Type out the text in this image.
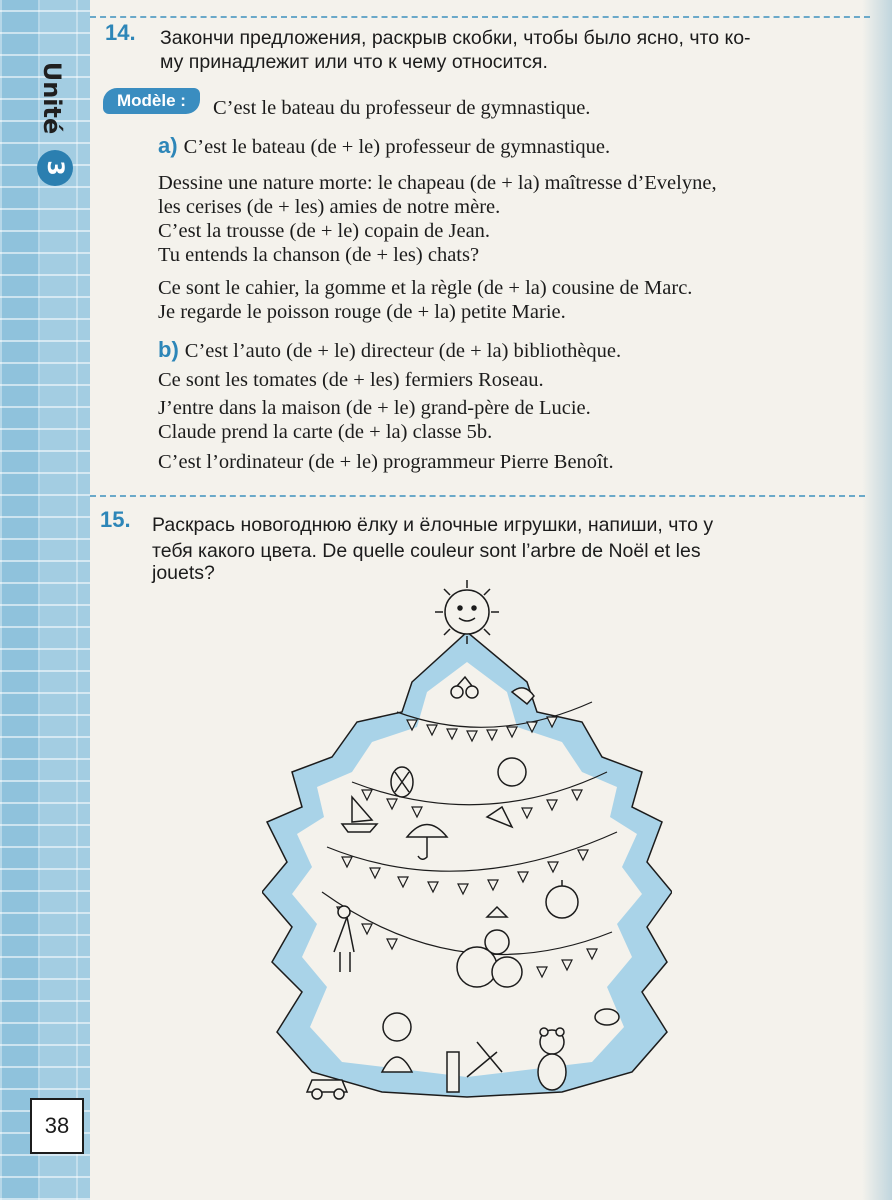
Unité
3
14. Закончи предложения, раскрыв скобки, чтобы было ясно, что ко-
му принадлежит или что к чему относится.
Modèle :	C’est le bateau du professeur de gymnastique.
a) C’est le bateau (de + le) professeur de gymnastique.
Dessine une nature morte: le chapeau (de + la) maîtresse d’Evelyne,
les cerises (de + les) amies de notre mère.
C’est la trousse (de + le) copain de Jean.
Tu entends la chanson (de + les) chats?
Ce sont le cahier, la gomme et la règle (de + la) cousine de Marc.
Je regarde le poisson rouge (de + la) petite Marie.
b) C’est l’auto (de + le) directeur (de + la) bibliothèque.
Ce sont les tomates (de + les) fermiers Roseau.
J’entre dans la maison (de + le) grand-père de Lucie.
Claude prend la carte (de + la) classe 5b.
C’est l’ordinateur (de + le) programmeur Pierre Benoît.
15. Раскрась новогоднюю ёлку и ёлочные игрушки, напиши, что у
тебя какого цвета. De quelle couleur sont l’arbre de Noël et les
jouets?
38
